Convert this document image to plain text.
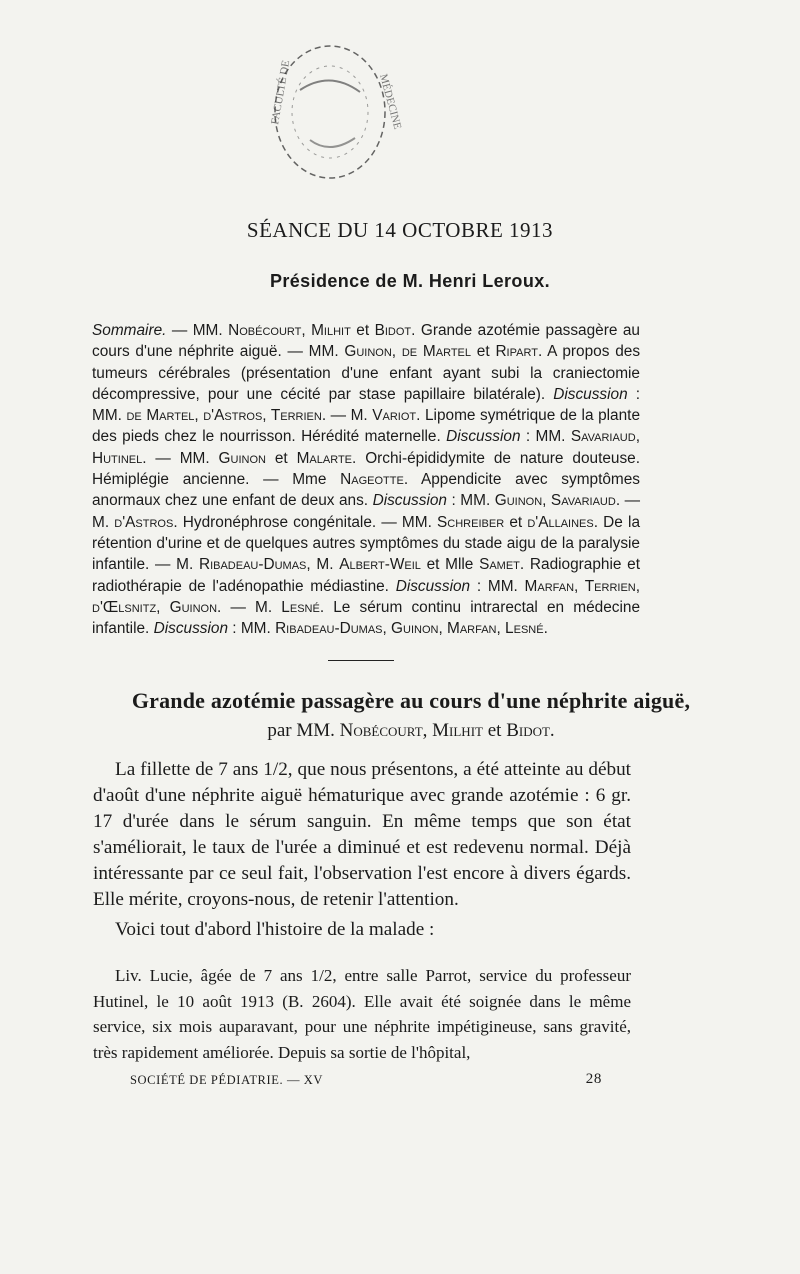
FACULTÉ DE	MÉDECINE
SÉANCE DU 14 OCTOBRE 1913
Présidence de M. Henri Leroux.

Sommaire. — MM. Nobécourt, Milhit et Bidot. Grande azotémie passagère au cours d'une néphrite aiguë. — MM. Guinon, de Martel et Ripart. A propos des tumeurs cérébrales (présentation d'une enfant ayant subi la craniectomie décompressive, pour une cécité par stase papillaire bilatérale). Discussion : MM. de Martel, d'Astros, Terrien. — M. Variot. Lipome symétrique de la plante des pieds chez le nourrisson. Hérédité maternelle. Discussion : MM. Savariaud, Hutinel. — MM. Guinon et Malarte. Orchi-épididymite de nature douteuse. Hémiplégie ancienne. — Mme Nageotte. Appendicite avec symptômes anormaux chez une enfant de deux ans. Discussion : MM. Guinon, Savariaud. — M. d'Astros. Hydronéphrose congénitale. — MM. Schreiber et d'Allaines. De la rétention d'urine et de quelques autres symptômes du stade aigu de la paralysie infantile. — M. Ribadeau-Dumas, M. Albert-Weil et Mlle Samet. Radiographie et radiothérapie de l'adénopathie médiastine. Discussion : MM. Marfan, Terrien, d'Œlsnitz, Guinon. — M. Lesné. Le sérum continu intrarectal en médecine infantile. Discussion : MM. Ribadeau-Dumas, Guinon, Marfan, Lesné.

Grande azotémie passagère au cours d'une néphrite aiguë,
par MM. Nobécourt, Milhit et Bidot.

La fillette de 7 ans 1/2, que nous présentons, a été atteinte au début d'août d'une néphrite aiguë hématurique avec grande azotémie : 6 gr. 17 d'urée dans le sérum sanguin. En même temps que son état s'améliorait, le taux de l'urée a diminué et est redevenu normal. Déjà intéressante par ce seul fait, l'observation l'est encore à divers égards. Elle mérite, croyons-nous, de retenir l'attention.

Voici tout d'abord l'histoire de la malade :

Liv. Lucie, âgée de 7 ans 1/2, entre salle Parrot, service du professeur Hutinel, le 10 août 1913 (B. 2604). Elle avait été soignée dans le même service, six mois auparavant, pour une néphrite impétigineuse, sans gravité, très rapidement améliorée. Depuis sa sortie de l'hôpital,

SOCIÉTÉ DE PÉDIATRIE. — XV	28
